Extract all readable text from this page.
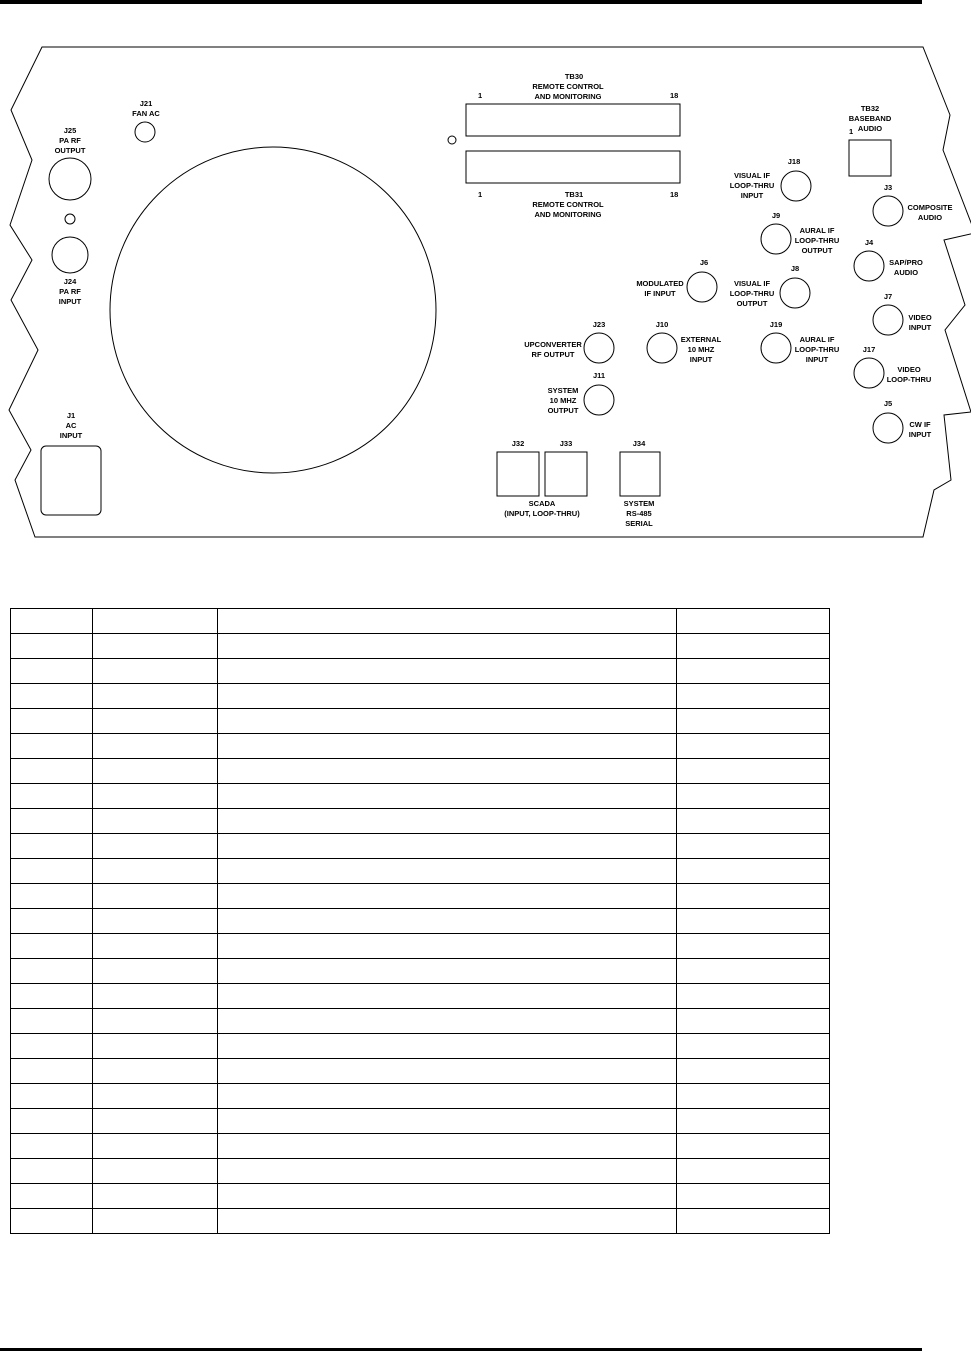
J21
FAN AC
J25
PA RF
OUTPUT
J24
PA RF
INPUT
J1
AC
INPUT
TB30
REMOTE CONTROL
AND MONITORING
1	18
1	18
TB31
REMOTE CONTROL
AND MONITORING
TB32
BASEBAND
AUDIO
1
J18
VISUAL IF
LOOP-THRU
INPUT
J3
COMPOSITE
AUDIO
J9
AURAL IF
LOOP-THRU
OUTPUT
J4
SAP/PRO
AUDIO
J6
MODULATED
IF INPUT
J8
VISUAL IF
LOOP-THRU
OUTPUT
J7
VIDEO
INPUT
J23
UPCONVERTER
RF OUTPUT
J10
EXTERNAL
10 MHZ
INPUT
J19
AURAL IF
LOOP-THRU
INPUT
J17
VIDEO
LOOP-THRU
J11
SYSTEM
10 MHZ
OUTPUT
J5
CW IF
INPUT
J32	J33
SCADA
(INPUT, LOOP-THRU)
J34
SYSTEM
RS-485
SERIAL
